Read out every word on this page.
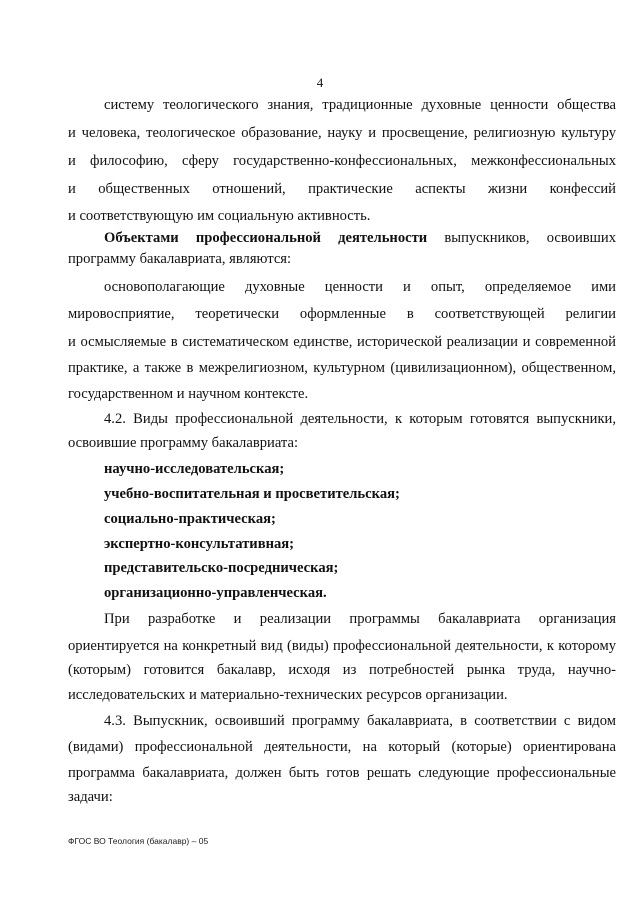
4
систему теологического знания, традиционные духовные ценности общества
и человека, теологическое образование, науку и просвещение, религиозную культуру
и философию, сферу государственно-конфессиональных, межконфессиональных
и общественных отношений, практические аспекты жизни конфессий
и соответствующую им социальную активность.
Объектами профессиональной деятельности выпускников, освоивших
программу бакалавриата, являются:
основополагающие духовные ценности и опыт, определяемое ими
мировосприятие, теоретически оформленные в соответствующей религии
и осмысляемые в систематическом единстве, исторической реализации и современной
практике, а также в межрелигиозном, культурном (цивилизационном), общественном,
государственном и научном контексте.
4.2. Виды профессиональной деятельности, к которым готовятся выпускники,
освоившие программу бакалавриата:
научно-исследовательская;
учебно-воспитательная и просветительская;
социально-практическая;
экспертно-консультативная;
представительско-посредническая;
организационно-управленческая.
При разработке и реализации программы бакалавриата организация
ориентируется на конкретный вид (виды) профессиональной деятельности, к которому
(которым) готовится бакалавр, исходя из потребностей рынка труда, научно-
исследовательских и материально-технических ресурсов организации.
4.3. Выпускник, освоивший программу бакалавриата, в соответствии с видом
(видами) профессиональной деятельности, на который (которые) ориентирована
программа бакалавриата, должен быть готов решать следующие профессиональные
задачи:
ФГОС ВО Теология (бакалавр) – 05
